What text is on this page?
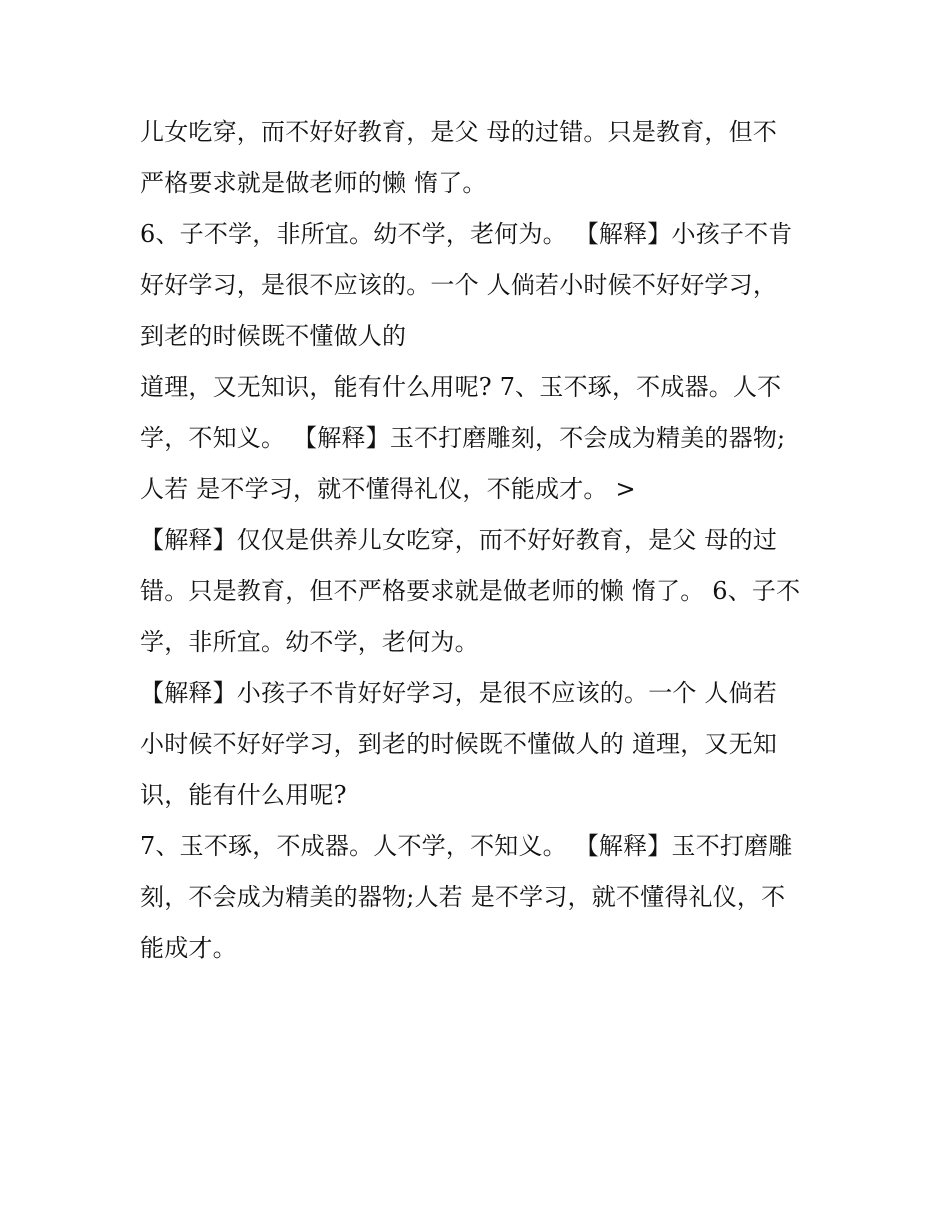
儿女吃穿，而不好好教育，是父 母的过错。只是教育，但不
严格要求就是做老师的懒 惰了。
6、子不学，非所宜。幼不学，老何为。 【解释】小孩子不肯
好好学习，是很不应该的。一个 人倘若小时候不好好学习，
到老的时候既不懂做人的
道理，又无知识，能有什么用呢? 7、玉不琢，不成器。人不
学，不知义。 【解释】玉不打磨雕刻，不会成为精美的器物;
人若 是不学习，就不懂得礼仪，不能成才。 >
【解释】仅仅是供养儿女吃穿，而不好好教育，是父 母的过
错。只是教育，但不严格要求就是做老师的懒 惰了。 6、子不
学，非所宜。幼不学，老何为。
【解释】小孩子不肯好好学习，是很不应该的。一个 人倘若
小时候不好好学习，到老的时候既不懂做人的 道理，又无知
识，能有什么用呢?
7、玉不琢，不成器。人不学，不知义。 【解释】玉不打磨雕
刻，不会成为精美的器物;人若 是不学习，就不懂得礼仪，不
能成才。
